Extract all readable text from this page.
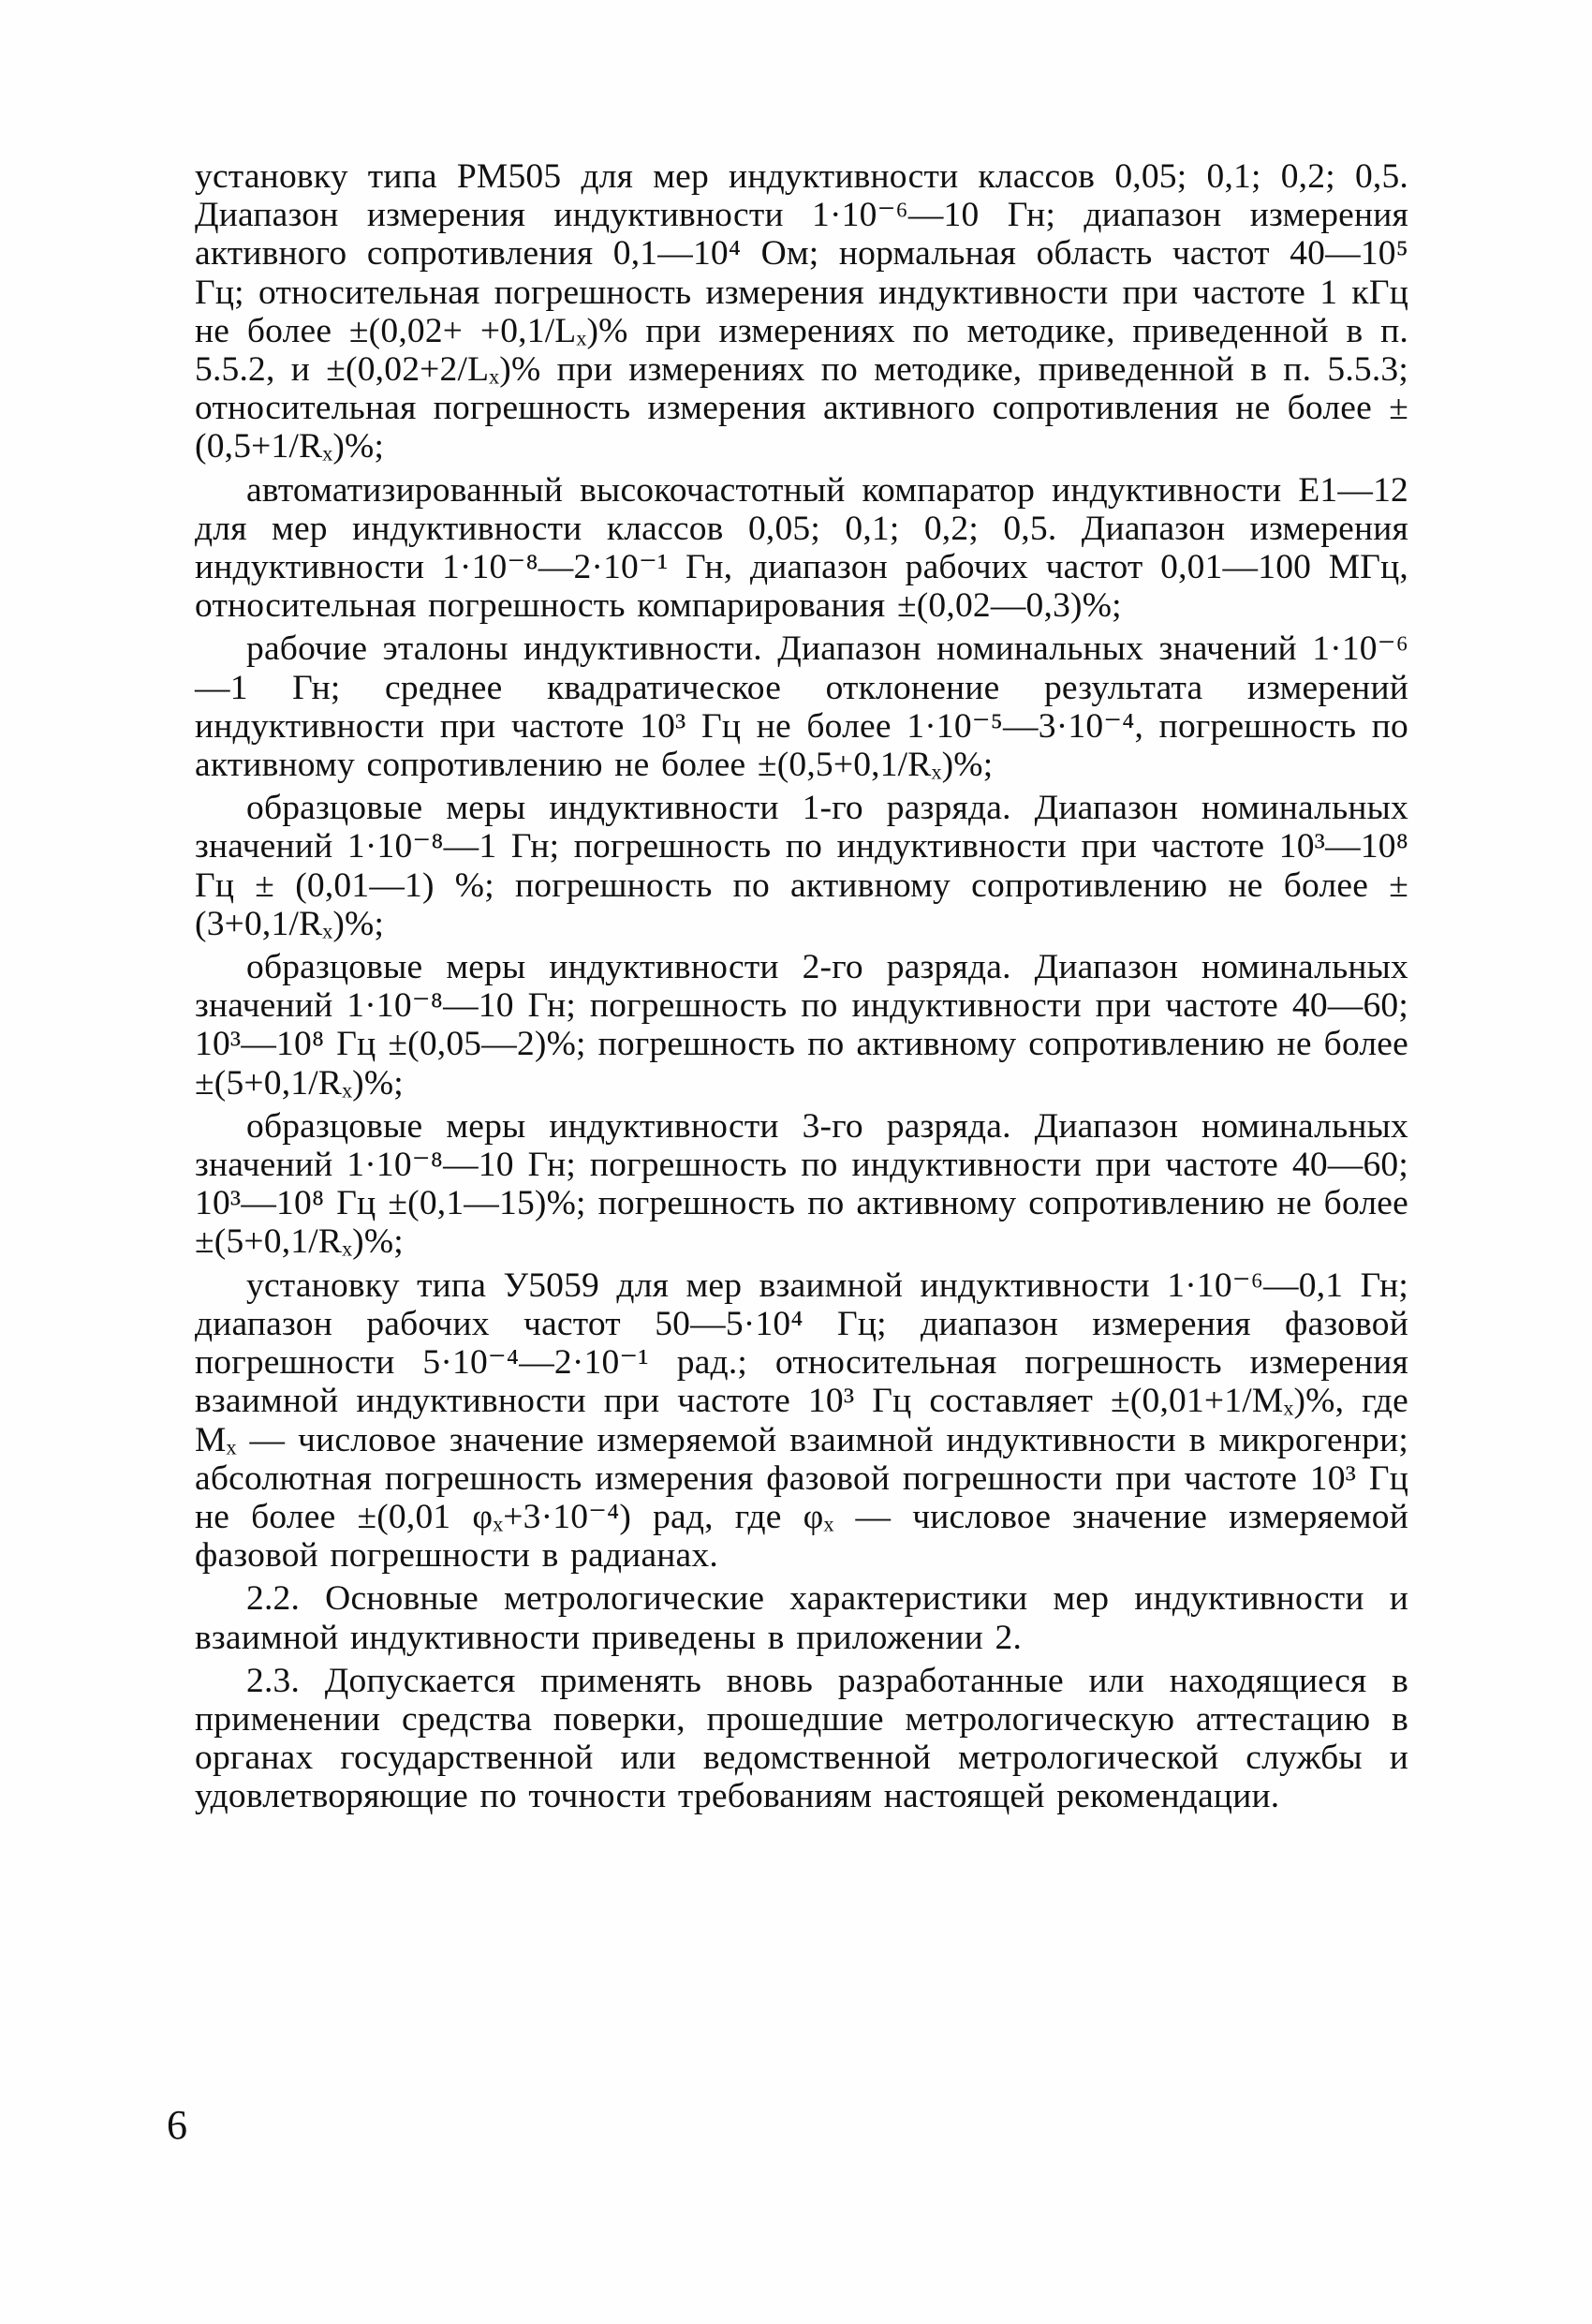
установку типа РМ505 для мер индуктивности классов 0,05; 0,1; 0,2; 0,5. Диапазон измерения индуктивности 1·10⁻⁶—10 Гн; диапазон измерения активного сопротивления 0,1—10⁴ Ом; нормальная область частот 40—10⁵ Гц; относительная погрешность измерения индуктивности при частоте 1 кГц не более ±(0,02+ +0,1/Lₓ)% при измерениях по методике, приведенной в п. 5.5.2, и ±(0,02+2/Lₓ)% при измерениях по методике, приведенной в п. 5.5.3; относительная погрешность измерения активного сопротивления не более ±(0,5+1/Rₓ)%;

автоматизированный высокочастотный компаратор индуктивности Е1—12 для мер индуктивности классов 0,05; 0,1; 0,2; 0,5. Диапазон измерения индуктивности 1·10⁻⁸—2·10⁻¹ Гн, диапазон рабочих частот 0,01—100 МГц, относительная погрешность компарирования ±(0,02—0,3)%;

рабочие эталоны индуктивности. Диапазон номинальных значений 1·10⁻⁶—1 Гн; среднее квадратическое отклонение результата измерений индуктивности при частоте 10³ Гц не более 1·10⁻⁵—3·10⁻⁴, погрешность по активному сопротивлению не более ±(0,5+0,1/Rₓ)%;

образцовые меры индуктивности 1-го разряда. Диапазон номинальных значений 1·10⁻⁸—1 Гн; погрешность по индуктивности при частоте 10³—10⁸ Гц ± (0,01—1) %; погрешность по активному сопротивлению не более ±(3+0,1/Rₓ)%;

образцовые меры индуктивности 2-го разряда. Диапазон номинальных значений 1·10⁻⁸—10 Гн; погрешность по индуктивности при частоте 40—60; 10³—10⁸ Гц ±(0,05—2)%; погрешность по активному сопротивлению не более ±(5+0,1/Rₓ)%;

образцовые меры индуктивности 3-го разряда. Диапазон номинальных значений 1·10⁻⁸—10 Гн; погрешность по индуктивности при частоте 40—60; 10³—10⁸ Гц ±(0,1—15)%; погрешность по активному сопротивлению не более ±(5+0,1/Rₓ)%;

установку типа У5059 для мер взаимной индуктивности 1·10⁻⁶—0,1 Гн; диапазон рабочих частот 50—5·10⁴ Гц; диапазон измерения фазовой погрешности 5·10⁻⁴—2·10⁻¹ рад.; относительная погрешность измерения взаимной индуктивности при частоте 10³ Гц составляет ±(0,01+1/Mₓ)%, где Mₓ — числовое значение измеряемой взаимной индуктивности в микрогенри; абсолютная погрешность измерения фазовой погрешности при частоте 10³ Гц не более ±(0,01 φₓ+3·10⁻⁴) рад, где φₓ — числовое значение измеряемой фазовой погрешности в радианах.

2.2. Основные метрологические характеристики мер индуктивности и взаимной индуктивности приведены в приложении 2.

2.3. Допускается применять вновь разработанные или находящиеся в применении средства поверки, прошедшие метрологическую аттестацию в органах государственной или ведомственной метрологической службы и удовлетворяющие по точности требованиям настоящей рекомендации.

6
